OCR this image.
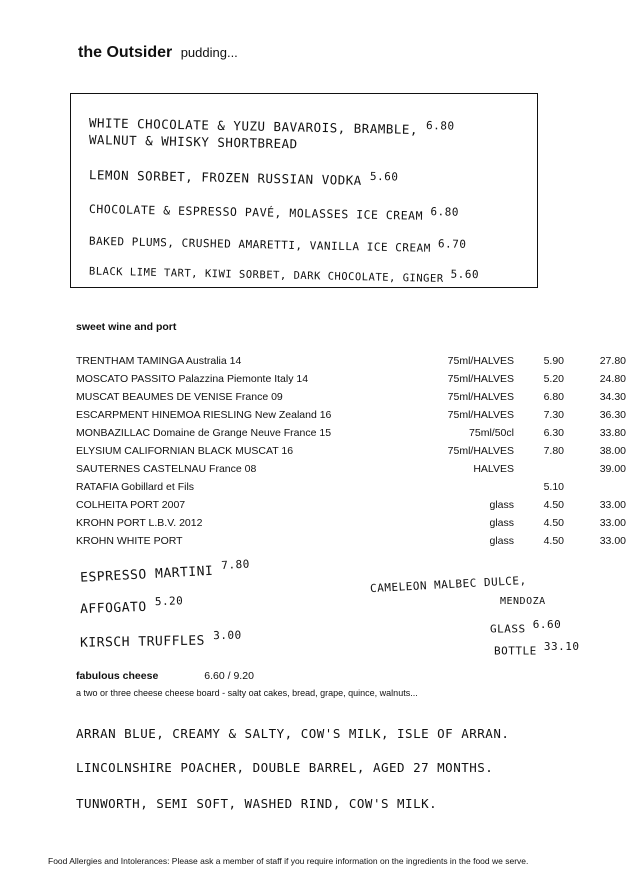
the Outsider pudding...
WHITE CHOCOLATE & YUZU BAVAROIS, BRAMBLE, 6.80
WALNUT & WHISKY SHORTBREAD
LEMON SORBET, FROZEN RUSSIAN VODKA 5.60
CHOCOLATE & ESPRESSO PAVÉ, MOLASSES ICE CREAM 6.80
BAKED PLUMS, CRUSHED AMARETTI, VANILLA ICE CREAM 6.70
BLACK LIME TART, KIWI SORBET, DARK CHOCOLATE, GINGER 5.60
sweet wine and port
TRENTHAM TAMINGA Australia 14	75ml/HALVES	5.90	27.80
MOSCATO PASSITO Palazzina Piemonte Italy 14	75ml/HALVES	5.20	24.80
MUSCAT BEAUMES DE VENISE France 09	75ml/HALVES	6.80	34.30
ESCARPMENT HINEMOA RIESLING New Zealand 16	75ml/HALVES	7.30	36.30
MONBAZILLAC Domaine de Grange Neuve France 15	75ml/50cl	6.30	33.80
ELYSIUM CALIFORNIAN BLACK MUSCAT 16	75ml/HALVES	7.80	38.00
SAUTERNES CASTELNAU France 08	HALVES		39.00
RATAFIA Gobillard et Fils		5.10	
COLHEITA PORT 2007	glass	4.50	33.00
KROHN PORT L.B.V. 2012	glass	4.50	33.00
KROHN WHITE PORT	glass	4.50	33.00
ESPRESSO MARTINI $^{7.80}$
AFFOGATO $^{5.20}$
KIRSCH TRUFFLES $^{3.00}$
CAMELEON MALBEC DULCE,
MENDOZA
GLASS 6.60
BOTTLE 33.10
fabulous cheese	6.60 / 9.20
a two or three cheese cheese board - salty oat cakes, bread, grape, quince, walnuts...
ARRAN BLUE, CREAMY & SALTY, COW'S MILK, ISLE OF ARRAN.
LINCOLNSHIRE POACHER, DOUBLE BARREL, AGED 27 MONTHS.
TUNWORTH, SEMI SOFT, WASHED RIND, COW'S MILK.
Food Allergies and Intolerances: Please ask a member of staff if you require information on the ingredients in the food we serve.
